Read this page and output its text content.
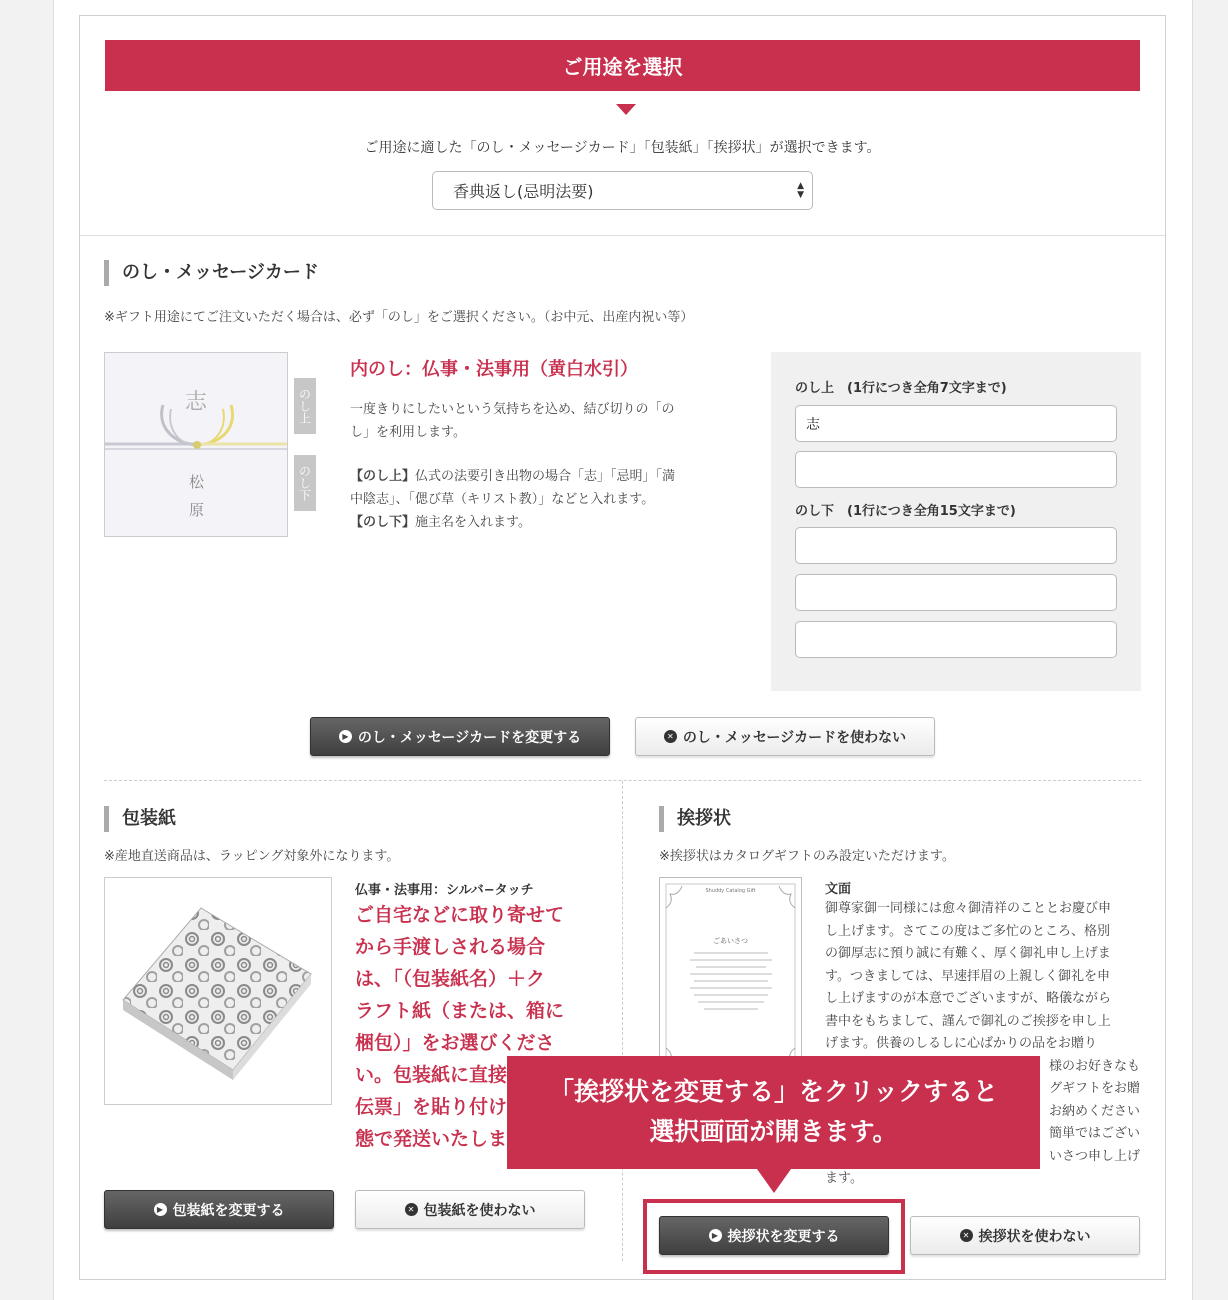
ご用途を選択
ご用途に適した「のし・メッセージカード」「包装紙」「挨拶状」が選択できます。
香典返し(忌明法要)	▲
▼
のし・メッセージカード
※ギフト用途にてご注文いただく場合は、必ず「のし」をご選択ください。（お中元、出産内祝い等）
志
松
原
のし上
のし下
内のし：仏事・法事用（黄白水引）
一度きりにしたいという気持ちを込め、結び切りの「の
し」を利用します。
【のし上】仏式の法要引き出物の場合「志」「忌明」「満
中陰志」、「偲び草（キリスト教）」などと入れます。
【のし下】施主名を入れます。
のし上　(1行につき全角7文字まで)
志
のし下　(1行につき全角15文字まで)
▶ のし・メッセージカードを変更する	✕ のし・メッセージカードを使わない
包装紙
※産地直送商品は、ラッピング対象外になります。
仏事・法事用：シルバ−タッチ
ご自宅などに取り寄せて
から手渡しされる場合
は、「（包装紙名）＋ク
ラフト紙（または、箱に
梱包）」をお選びくださ
い。包装紙に直接
伝票」を貼り付け
態で発送いたしま
▶ 包装紙を変更する	✕ 包装紙を使わない
挨拶状
※挨拶状はカタログギフトのみ設定いただけます。
Shuddy Catalog Gift
ごあいさつ
文面
御尊家御一同様には愈々御清祥のこととお慶び申
し上げます。さてこの度はご多忙のところ、格別
の御厚志に預り誠に有難く、厚く御礼申し上げま
す。つきましては、早速拝眉の上親しく御礼を申
し上げますのが本意でございますが、略儀ながら
書中をもちまして、謹んで御礼のご挨拶を申し上
げます。供養のしるしに心ばかりの品をお贈り
様のお好きなも
グギフトをお贈
お納めください
簡単ではござい
いさつ申し上げ
ます。
▶ 挨拶状を変更する	✕ 挨拶状を使わない
「挨拶状を変更する」をクリックすると
選択画面が開きます。
